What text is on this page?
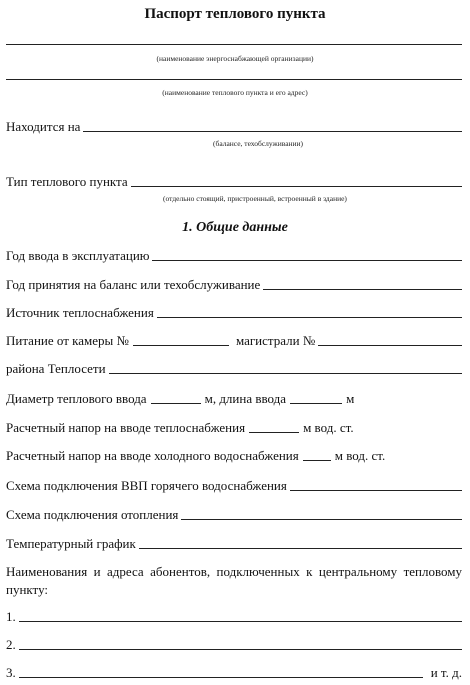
Паспорт теплового пункта
(наименование энергоснабжающей организации)
(наименование теплового пункта и его адрес)
Находится на
(балансе, техобслуживании)
Тип теплового пункта
(отдельно стоящий, пристроенный, встроенный в здание)
1. Общие данные
Год ввода в эксплуатацию
Год принятия на баланс или техобслуживание
Источник теплоснабжения
Питание от камеры №	магистрали №
района Теплосети
Диаметр теплового ввода	м, длина ввода	м
Расчетный напор на вводе теплоснабжения	м вод. ст.
Расчетный напор на вводе холодного водоснабжения	м вод. ст.
Схема подключения ВВП горячего водоснабжения
Схема подключения отопления
Температурный график
Наименования и адреса абонентов, подключенных к центральному тепловому пункту:
1.
2.
3.	и т. д.
